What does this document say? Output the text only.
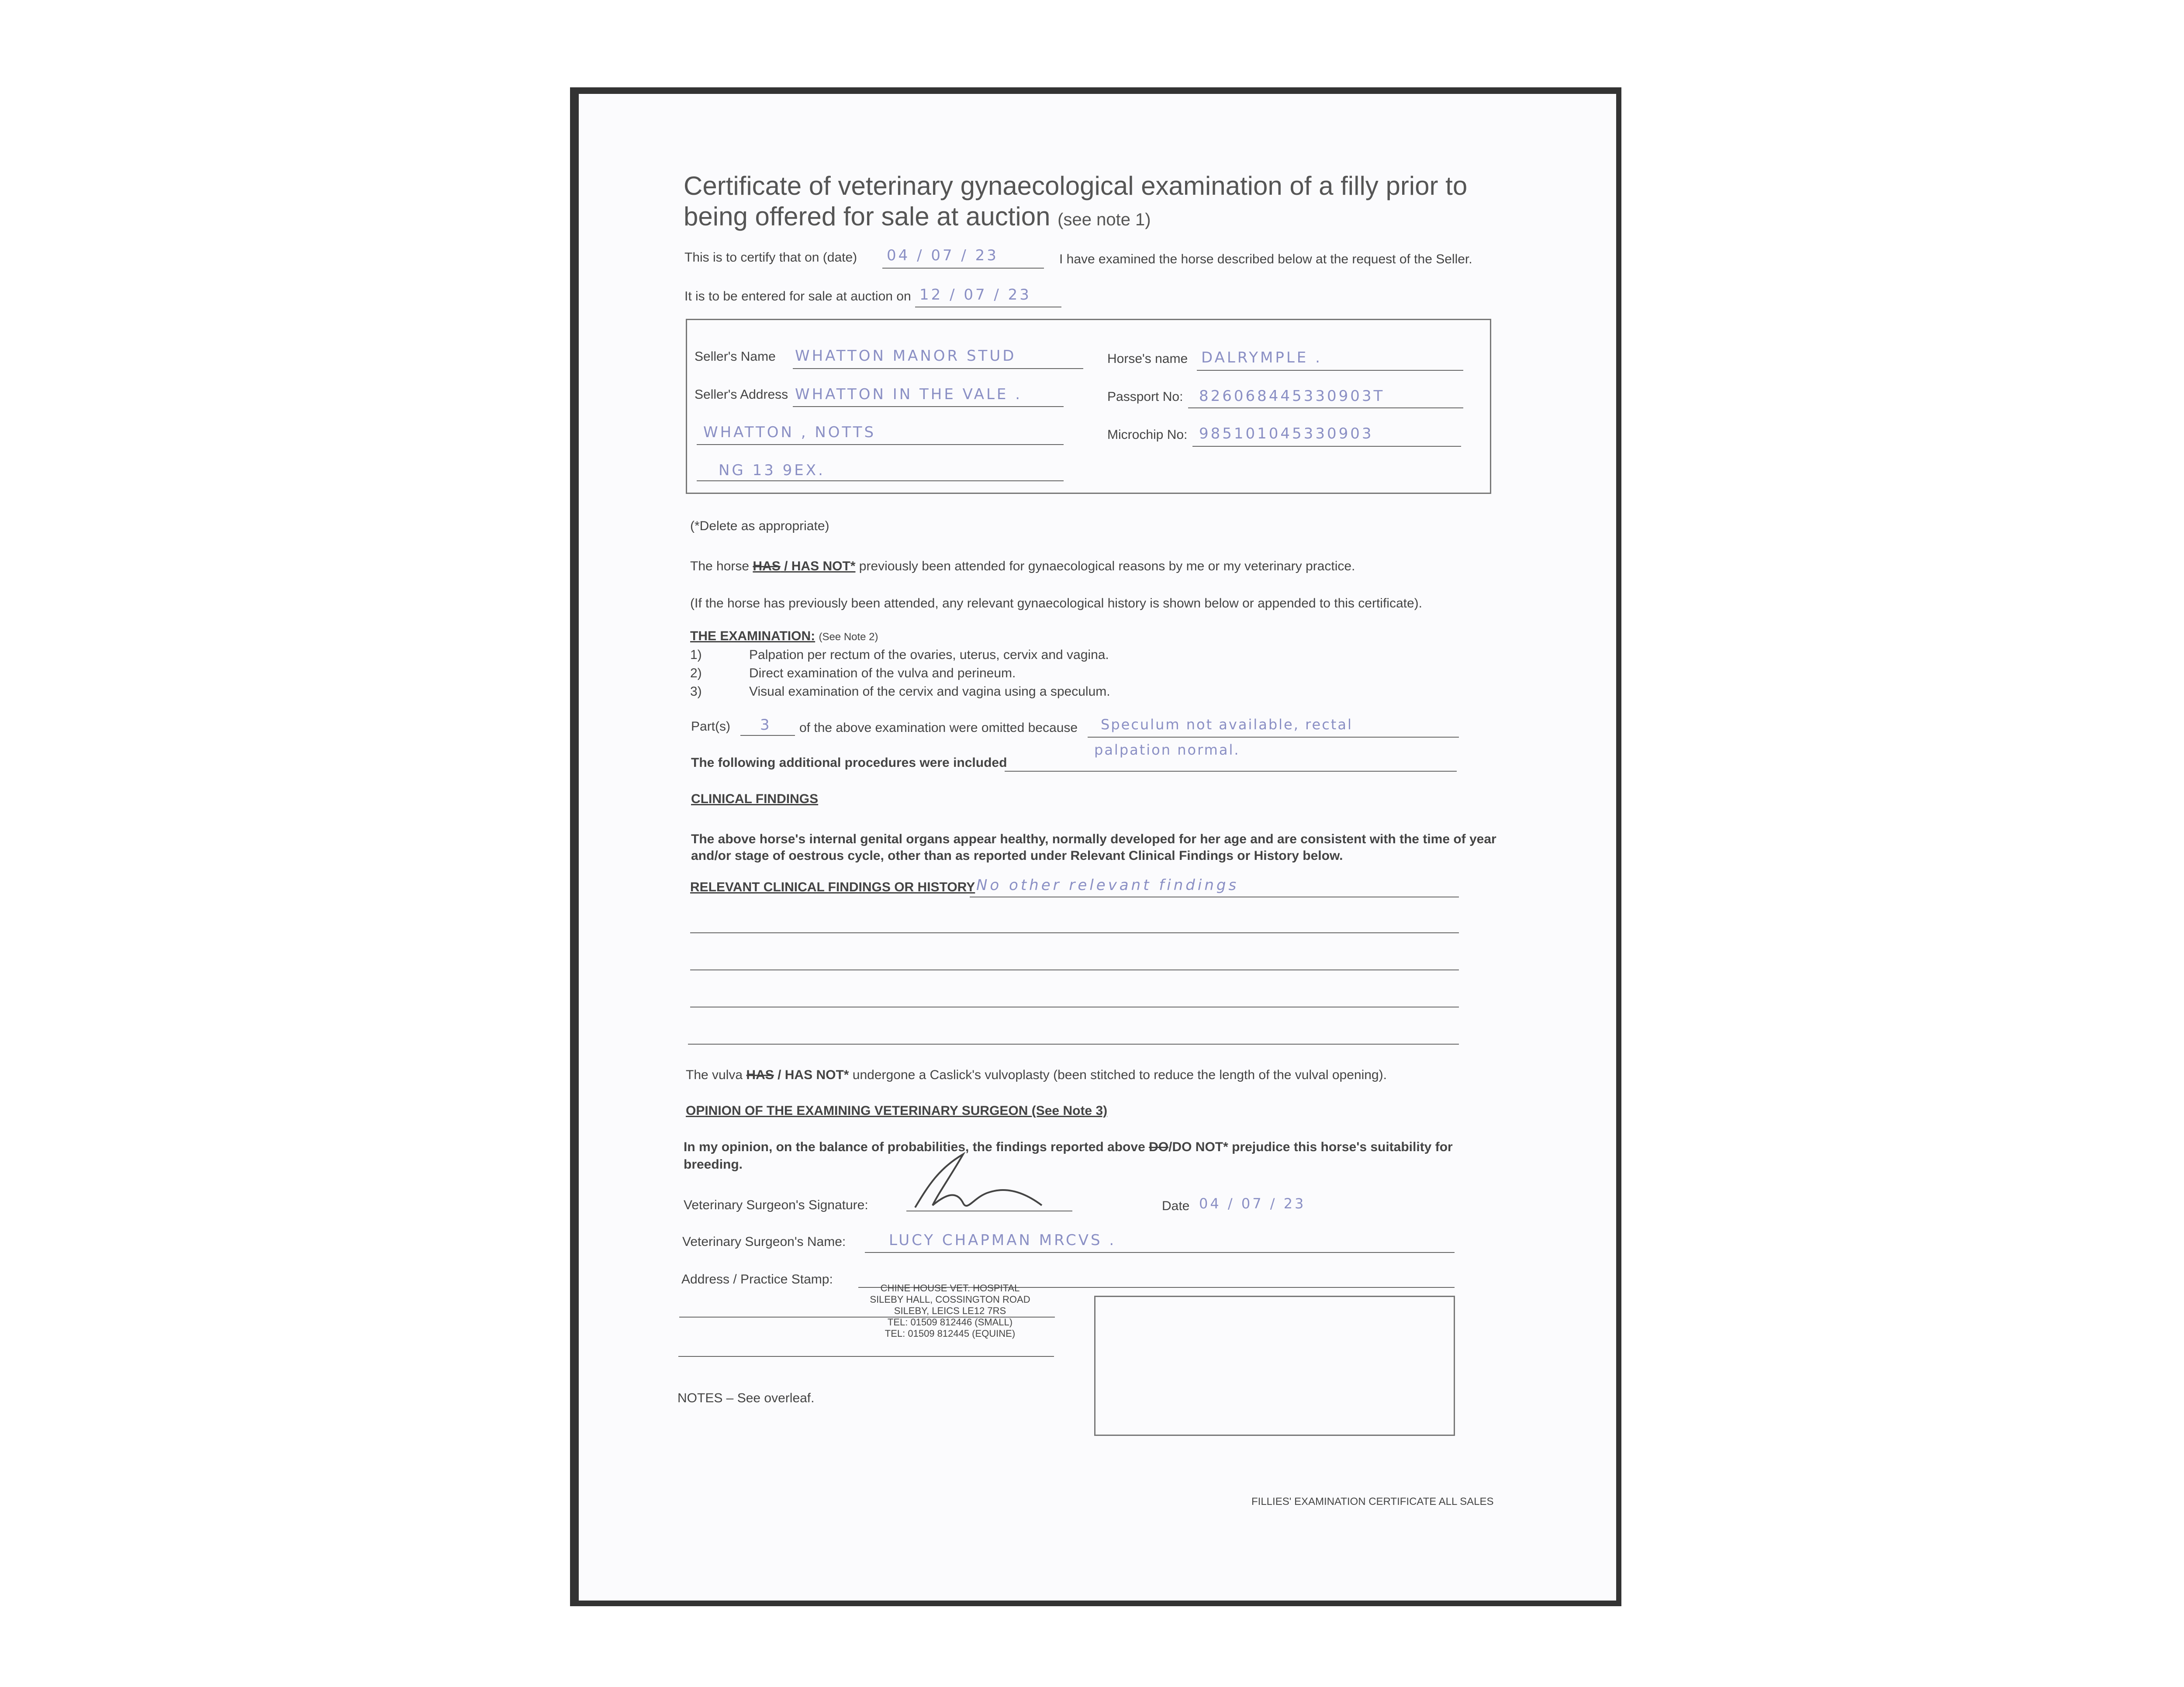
Certificate of veterinary gynaecological examination of a filly prior to
being offered for sale at auction (see note 1)
This is to certify that on (date) 04 / 07 / 23	I have examined the horse described below at the request of the Seller.
It is to be entered for sale at auction on 12 / 07 / 23
Seller's Name WHATTON MANOR STUD
Seller's Address WHATTON IN THE VALE .
WHATTON , NOTTS
NG 13 9EX.
Horse's name DALRYMPLE .
Passport No: 826068445330903T
Microchip No: 985101045330903
(*Delete as appropriate)
The horse HAS / HAS NOT* previously been attended for gynaecological reasons by me or my veterinary practice.
(If the horse has previously been attended, any relevant gynaecological history is shown below or appended to this certificate).
THE EXAMINATION: (See Note 2)
1)	Palpation per rectum of the ovaries, uterus, cervix and vagina.
2)	Direct examination of the vulva and perineum.
3)	Visual examination of the cervix and vagina using a speculum.
Part(s) 3 of the above examination were omitted because Speculum not available, rectal
palpation normal.
The following additional procedures were included
CLINICAL FINDINGS
The above horse's internal genital organs appear healthy, normally developed for her age and are consistent with the time of year
and/or stage of oestrous cycle, other than as reported under Relevant Clinical Findings or History below.
RELEVANT CLINICAL FINDINGS OR HISTORY No other relevant findings
The vulva HAS / HAS NOT* undergone a Caslick's vulvoplasty (been stitched to reduce the length of the vulval opening).
OPINION OF THE EXAMINING VETERINARY SURGEON (See Note 3)
In my opinion, on the balance of probabilities, the findings reported above DO/DO NOT* prejudice this horse's suitability for
breeding.
Veterinary Surgeon's Signature:	Date 04 / 07 / 23
Veterinary Surgeon's Name:	LUCY CHAPMAN MRCVS .
Address / Practice Stamp:
CHINE HOUSE VET. HOSPITAL
SILEBY HALL, COSSINGTON ROAD
SILEBY, LEICS LE12 7RS
TEL: 01509 812446 (SMALL)
TEL: 01509 812445 (EQUINE)
NOTES – See overleaf.
FILLIES' EXAMINATION CERTIFICATE ALL SALES
